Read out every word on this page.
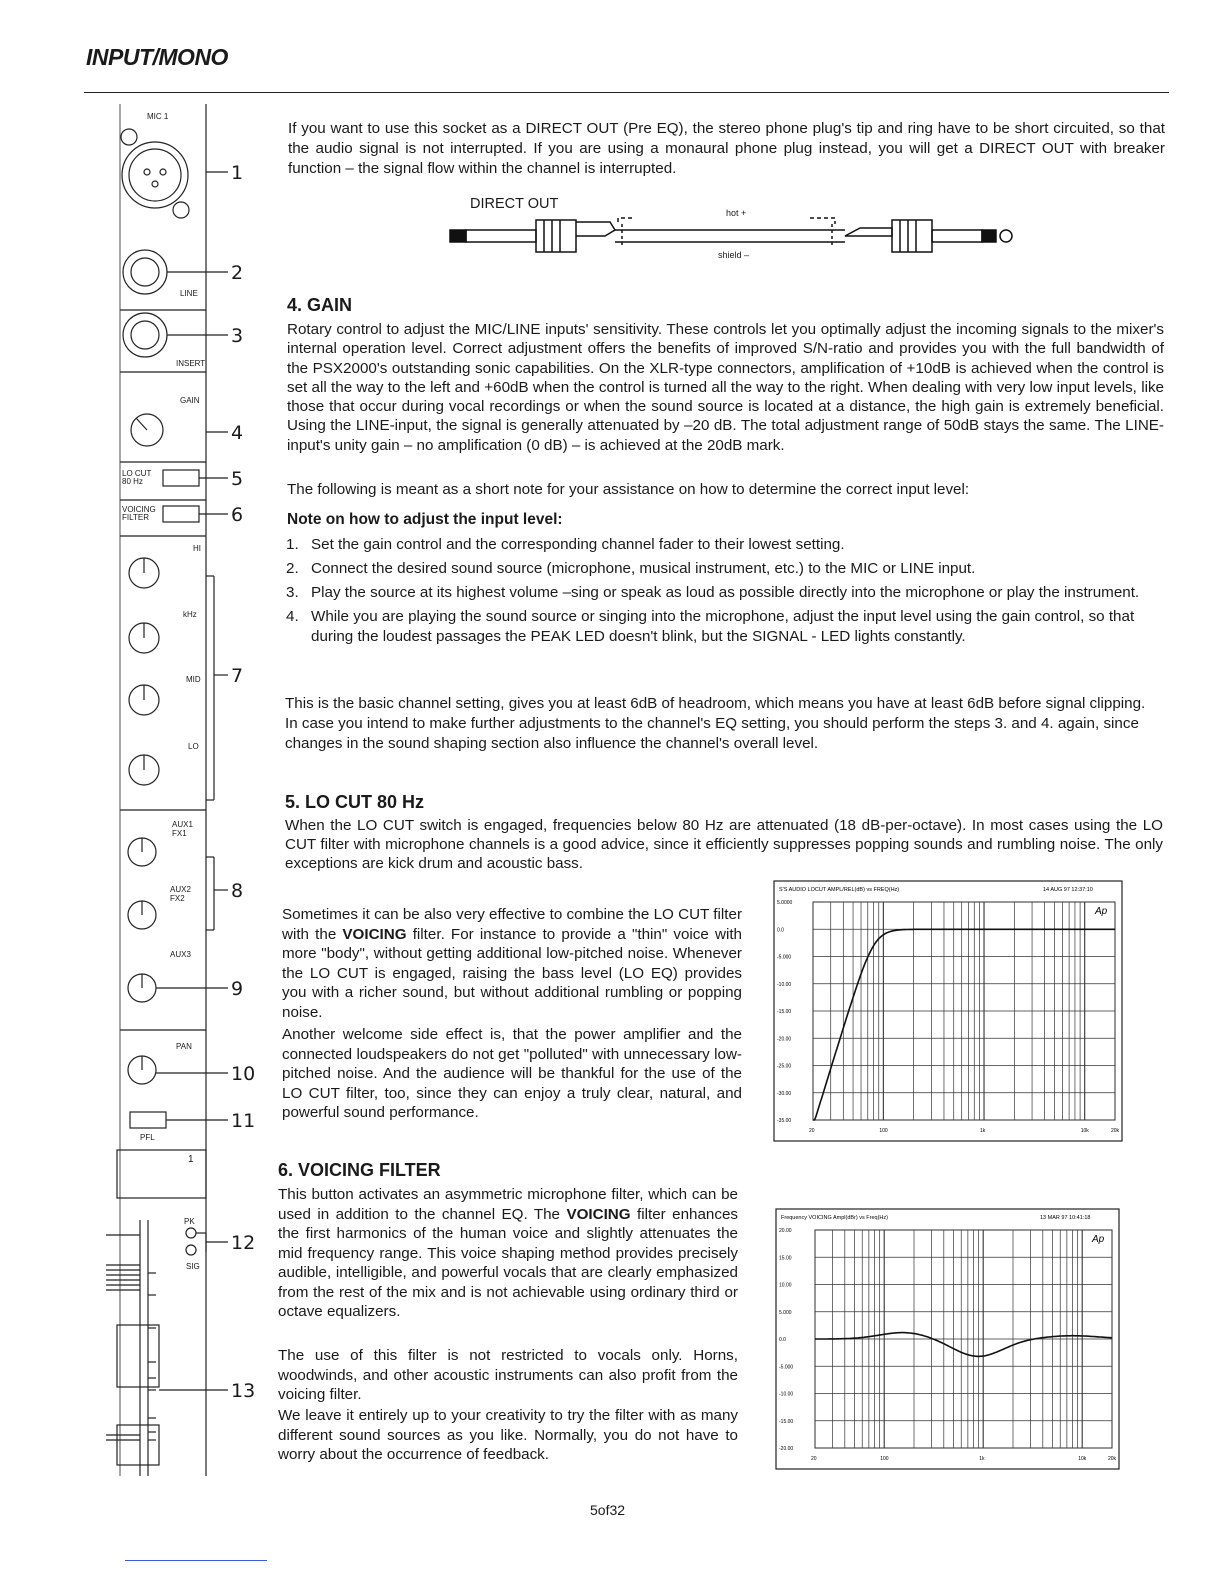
INPUT/MONO
MIC 1
LINE
INSERT
GAIN
LO CUT 80 Hz
VOICING FILTER
HI
kHz
MID
LO
AUX1 FX1
AUX2 FX2
AUX3
PAN
PFL
1
PK
SIG
1
2
3
4
5
6
7
8
9
10
11
12
13
If you want to use this socket as a DIRECT OUT (Pre EQ), the stereo phone plug's tip and ring have to be short circuited, so that the audio signal is not interrupted. If you are using a monaural phone plug instead, you will get a DIRECT OUT with breaker function – the signal flow within the channel is interrupted.
DIRECT OUT
hot +
shield –
4. GAIN
Rotary control to adjust the MIC/LINE inputs' sensitivity. These controls let you optimally adjust the incoming signals to the mixer's internal operation level. Correct adjustment offers the benefits of improved S/N-ratio and provides you with the full bandwidth of the PSX2000's outstanding sonic capabilities. On the XLR-type connectors, amplification of +10dB is achieved when the control is set all the way to the left and +60dB when the control is turned all the way to the right. When dealing with very low input levels, like those that occur during vocal recordings or when the sound source is located at a distance, the high gain is extremely beneficial. Using the LINE-input, the signal is generally attenuated by –20 dB. The total adjustment range of 50dB stays the same. The LINE-input's unity gain – no amplification (0 dB) – is achieved at the 20dB mark.
The following is meant as a short note for your assistance on how to determine the correct input level:
Note on how to adjust the input level:
1. Set the gain control and the corresponding channel fader to their lowest setting.
2. Connect the desired sound source (microphone, musical instrument, etc.) to the MIC or LINE input.
3. Play the source at its highest volume –sing or speak as loud as possible directly into the microphone or play the instrument.
4. While you are playing the sound source or singing into the microphone, adjust the input level using the gain control, so that during the loudest passages the PEAK LED doesn't blink, but the SIGNAL - LED lights constantly.
This is the basic channel setting, gives you at least 6dB of headroom, which means you have at least 6dB before signal clipping. In case you intend to make further adjustments to the channel's EQ setting, you should perform the steps 3. and 4. again, since changes in the sound shaping section also influence the channel's overall level.
5. LO CUT 80 Hz
When the LO CUT switch is engaged, frequencies below 80 Hz are attenuated (18 dB-per-octave). In most cases using the LO CUT filter with microphone channels is a good advice, since it efficiently suppresses popping sounds and rumbling noise. The only exceptions are kick drum and acoustic bass.
Sometimes it can be also very effective to combine the LO CUT filter with the VOICING filter. For instance to provide a "thin" voice with more "body", without getting additional low-pitched noise. Whenever the LO CUT is engaged, raising the bass level (LO EQ) provides you with a richer sound, but without additional rumbling or popping noise.
Another welcome side effect is, that the power amplifier and the connected loudspeakers do not get "polluted" with unnecessary low-pitched noise. And the audience will be thankful for the use of the LO CUT filter, too, since they can enjoy a truly clear, natural, and powerful sound performance.
S'S AUDIO LOCUT AMPL/REL(dB) vs FREQ(Hz)	14 AUG 97 12:37:10
Ap
5.0000
0.0
-5.000
-10.00
-15.00
-20.00
-25.00
-30.00
-35.00
20	100	1k	10k	20k
6. VOICING FILTER
This button activates an asymmetric microphone filter, which can be used in addition to the channel EQ. The VOICING filter enhances the first harmonics of the human voice and slightly attenuates the mid frequency range. This voice shaping method provides precisely audible, intelligible, and powerful vocals that are clearly emphasized from the rest of the mix and is not achievable using ordinary third or octave equalizers.
The use of this filter is not restricted to vocals only. Horns, woodwinds, and other acoustic instruments can also profit from the voicing filter.
We leave it entirely up to your creativity to try the filter with as many different sound sources as you like. Normally, you do not have to worry about the occurrence of feedback.
Frequency VOICING Ampl(dBr) vs Freq(Hz)	13 MAR 97 10:41:18
Ap
20.00
15.00
10.00
5.000
0.0
-5.000
-10.00
-15.00
-20.00
20	100	1k	10k	20k
5of32
